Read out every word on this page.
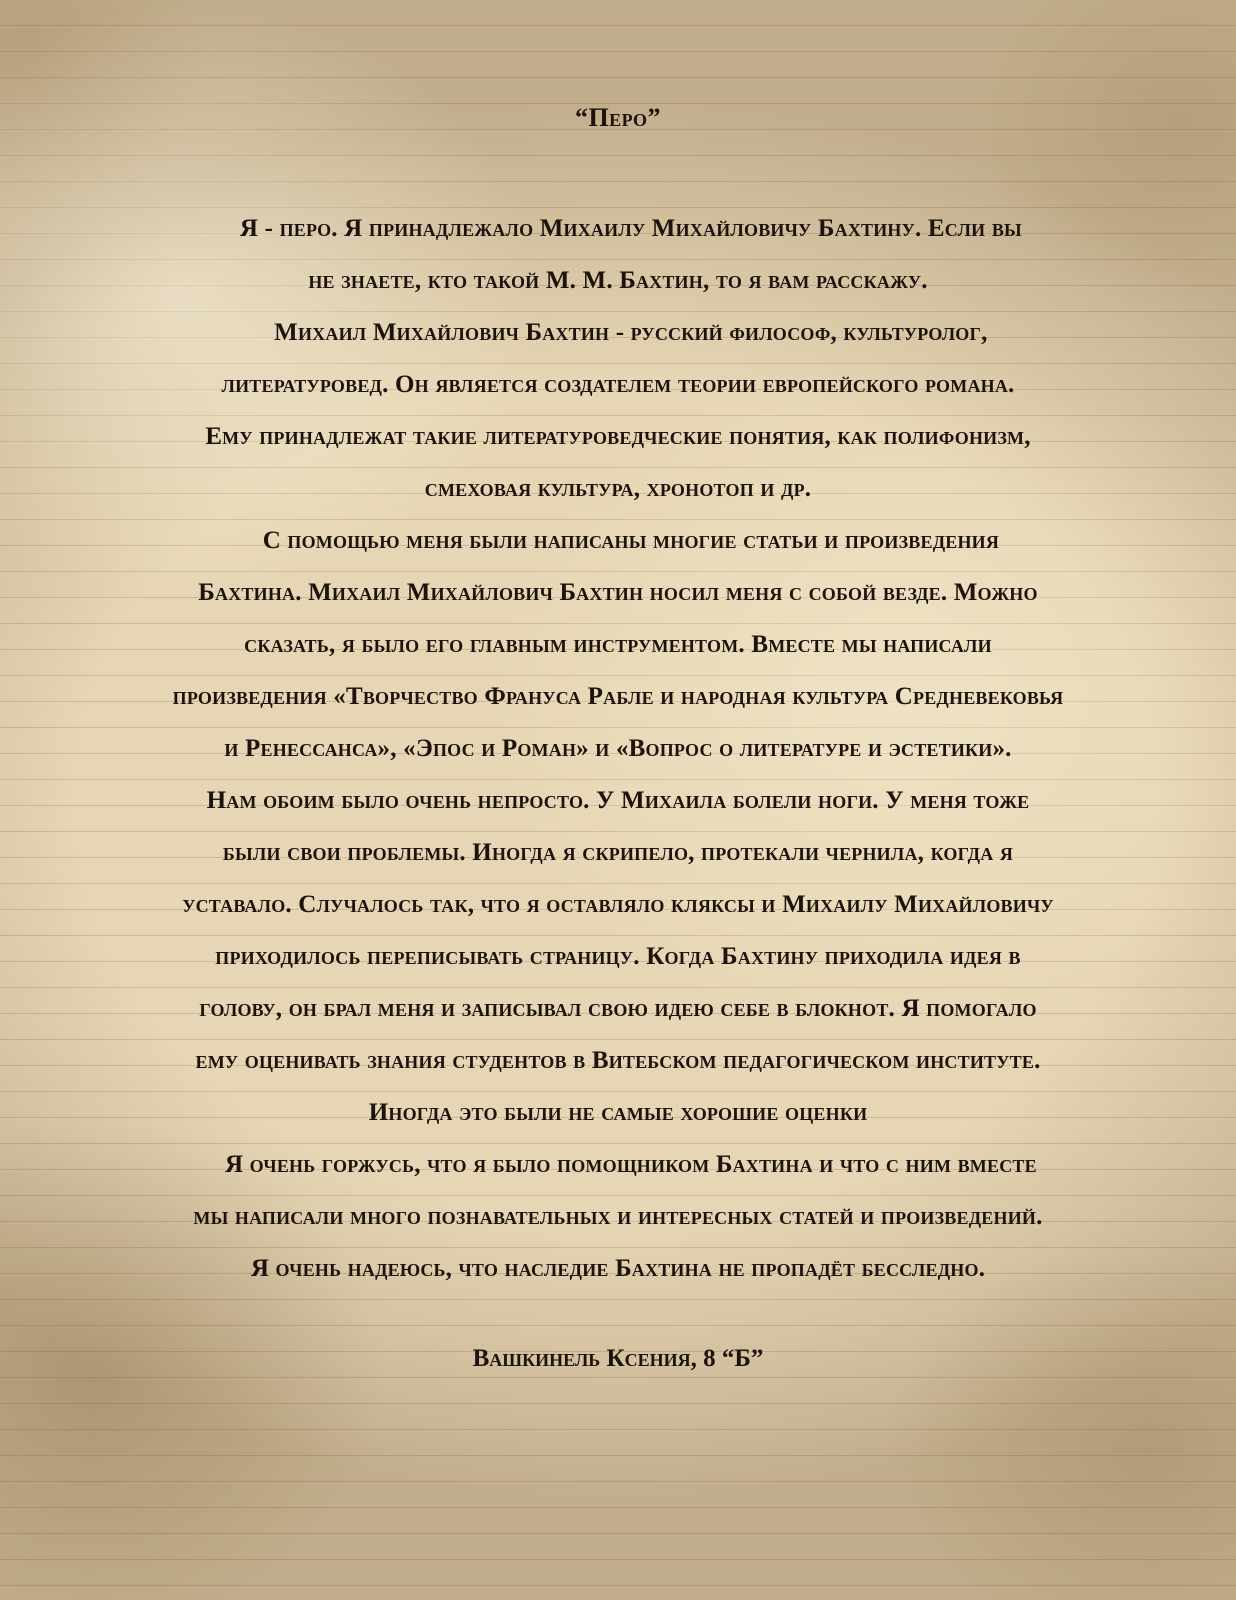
“Перо”
Я - перо. Я принадлежало Михаилу Михайловичу Бахтину. Если вы
не знаете, кто такой М. М. Бахтин, то я вам расскажу.
Михаил Михайлович Бахтин - русский философ, культуролог,
литературовед. Он является создателем теории европейского романа.
Ему принадлежат такие литературоведческие понятия, как полифонизм,
смеховая культура, хронотоп и др.
С помощью меня были написаны многие статьи и произведения
Бахтина. Михаил Михайлович Бахтин носил меня с собой везде. Можно
сказать, я было его главным инструментом. Вместе мы написали
произведения «Творчество Франуса Рабле и народная культура Средневековья
и Ренессанса», «Эпос и Роман» и «Вопрос о литературе и эстетики».
Нам обоим было очень непросто. У Михаила болели ноги. У меня тоже
были свои проблемы. Иногда я скрипело, протекали чернила, когда я
уставало. Случалось так, что я оставляло кляксы и Михаилу Михайловичу
приходилось переписывать страницу. Когда Бахтину приходила идея в
голову, он брал меня и записывал свою идею себе в блокнот. Я помогало
ему оценивать знания студентов в Витебском педагогическом институте.
Иногда это были не самые хорошие оценки
Я очень горжусь, что я было помощником Бахтина и что с ним вместе
мы написали много познавательных и интересных статей и произведений.
Я очень надеюсь, что наследие Бахтина не пропадёт бесследно.
Вашкинель Ксения, 8 “Б”
